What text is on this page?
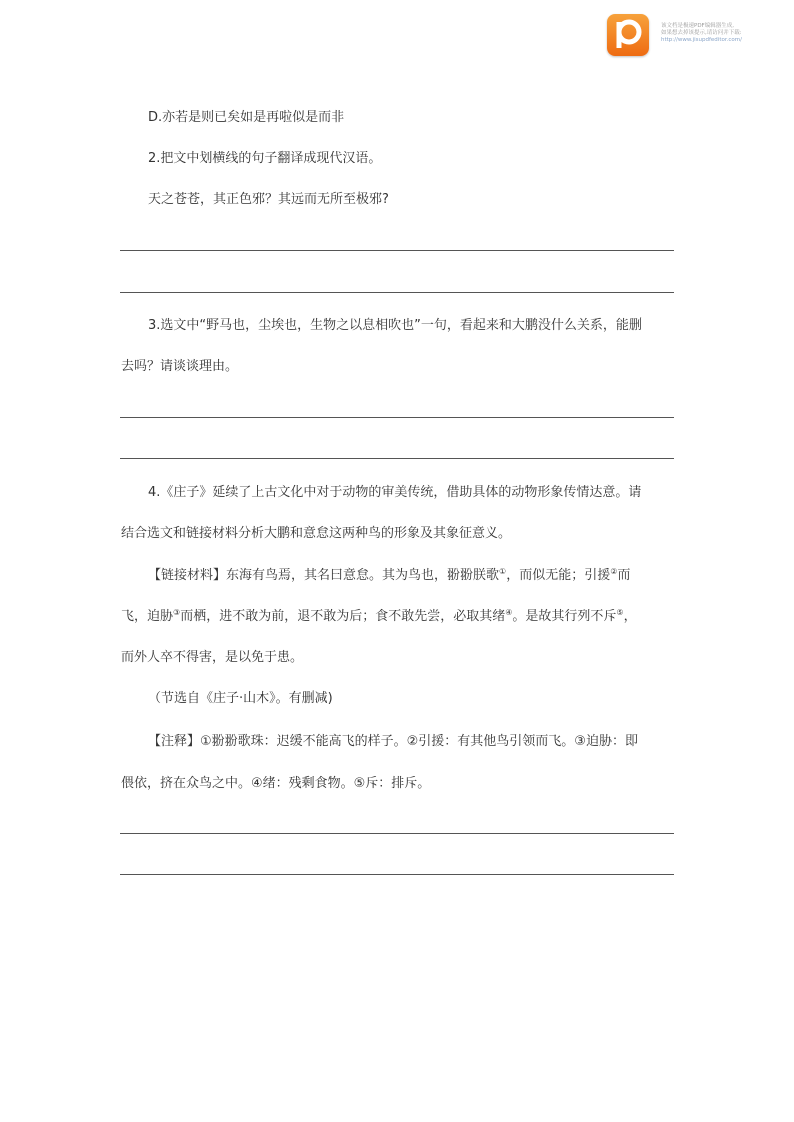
该文档是极速PDF编辑器生成,
如果想去掉该提示,请访问并下载:
http://www.jisupdfeditor.com/
D.亦若是则已矣如是再啦似是而非
2.把文中划横线的句子翻译成现代汉语。
天之苍苍，其正色邪？其远而无所至极邪?
3.选文中“野马也，尘埃也，生物之以息相吹也”一句，看起来和大鹏没什么关系，能删
去吗？请谈谈理由。
4.《庄子》延续了上古文化中对于动物的审美传统，借助具体的动物形象传情达意。请
结合选文和链接材料分析大鹏和意怠这两种鸟的形象及其象征意义。
【链接材料】东海有鸟焉，其名曰意怠。其为鸟也，翂翂朕歌①，而似无能；引援②而
飞，迫胁③而栖，进不敢为前，退不敢为后；食不敢先尝，必取其绪④。是故其行列不斥⑤，
而外人卒不得害，是以免于患。
（节选自《庄子·山木》。有删减)
【注释】①翂翂歌珠：迟缓不能高飞的样子。②引援：有其他鸟引领而飞。③迫胁：即
偎依，挤在众鸟之中。④绪：残剩食物。⑤斥：排斥。
